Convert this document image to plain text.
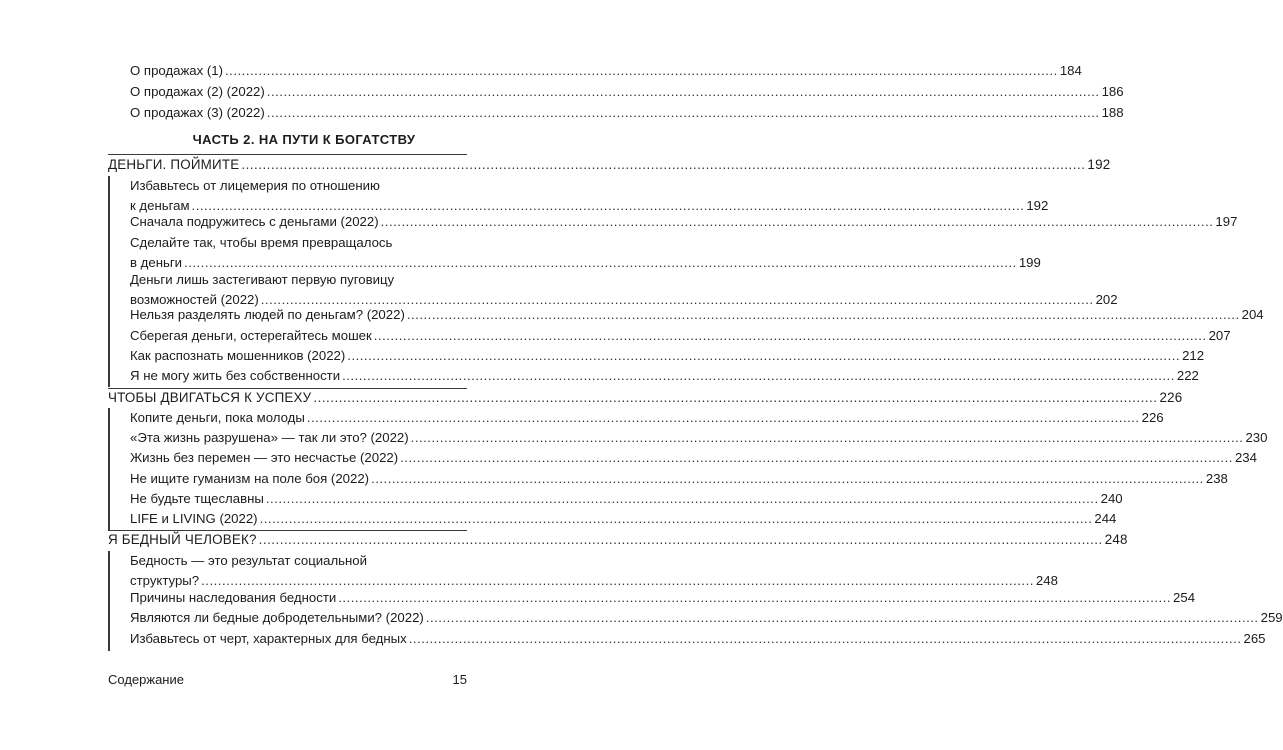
О продажах (1) ........................................................................................................................................................................................................ 184
О продажах (2) (2022) ........................................................................................................................................................................................................ 186
О продажах (3) (2022) ........................................................................................................................................................................................................ 188
ЧАСТЬ 2. НА ПУТИ К БОГАТСТВУ
ДЕНЬГИ. ПОЙМИТЕ ........................................................................................................................................................................................................ 192
Избавьтесь от лицемерия по отношению
к деньгам ........................................................................................................................................................................................................ 192
Сначала подружитесь с деньгами (2022) ........................................................................................................................................................................................................ 197
Сделайте так, чтобы время превращалось
в деньги ........................................................................................................................................................................................................ 199
Деньги лишь застегивают первую пуговицу
возможностей (2022) ........................................................................................................................................................................................................ 202
Нельзя разделять людей по деньгам? (2022) ........................................................................................................................................................................................................ 204
Сберегая деньги, остерегайтесь мошек ........................................................................................................................................................................................................ 207
Как распознать мошенников (2022) ........................................................................................................................................................................................................ 212
Я не могу жить без собственности ........................................................................................................................................................................................................ 222
ЧТОБЫ ДВИГАТЬСЯ К УСПЕХУ ........................................................................................................................................................................................................ 226
Копите деньги, пока молоды ........................................................................................................................................................................................................ 226
«Эта жизнь разрушена» — так ли это? (2022) ........................................................................................................................................................................................................ 230
Жизнь без перемен — это несчастье (2022) ........................................................................................................................................................................................................ 234
Не ищите гуманизм на поле боя (2022) ........................................................................................................................................................................................................ 238
Не будьте тщеславны ........................................................................................................................................................................................................ 240
LIFE и LIVING (2022) ........................................................................................................................................................................................................ 244
Я БЕДНЫЙ ЧЕЛОВЕК? ........................................................................................................................................................................................................ 248
Бедность — это результат социальной
структуры? ........................................................................................................................................................................................................ 248
Причины наследования бедности ........................................................................................................................................................................................................ 254
Являются ли бедные добродетельными? (2022) ........................................................................................................................................................................................................ 259
Избавьтесь от черт, характерных для бедных ........................................................................................................................................................................................................ 265
Содержание	15
